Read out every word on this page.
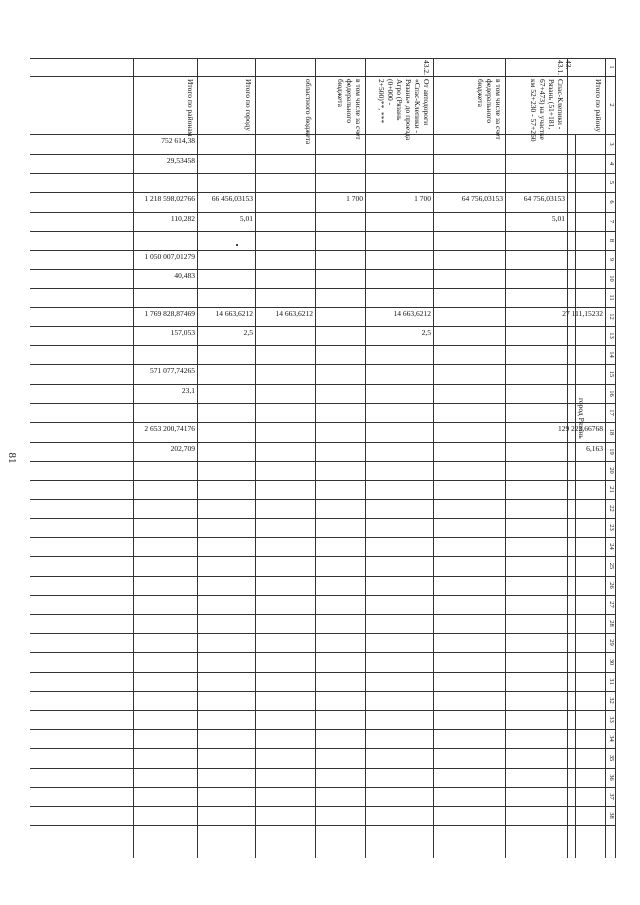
81
1
2
3
4
5
6
7
8
9
10
11
12
13
14
15
16
17
18
19
20
21
22
23
24
25
26
27
28
29
30
31
32
33
34
35
36
37
38
Итого по району
27 111,15232
129 223,66768
6,163
43.
43.1.
Спас-Клепики -
Рязань (51+181,
67+473) на участке
км 52+230 - 57+260
64 756,03153
5,01
в том числе за счет
федерального
бюджета
64 756,03153
43.2.
От автодороги
«Спас-Клепики -
Рязань» до проезда
Агро (Рязань
(0+000 -
2+500)**, ***
1 700
14 663,6212
2,5
в том числе за счет
федерального
бюджета
1 700
областного бюджета
14 663,6212
Итого по городу
66 456,03153
5,01
14 663,6212
2,5
Итого по районам
752 614,38
29,53458
1 218 598,02766
110,282
1 050 007,01279
40,483
1 769 828,87469
157,053
571 077,74265
23,1
2 653 200,74176
202,709
город Рязань
